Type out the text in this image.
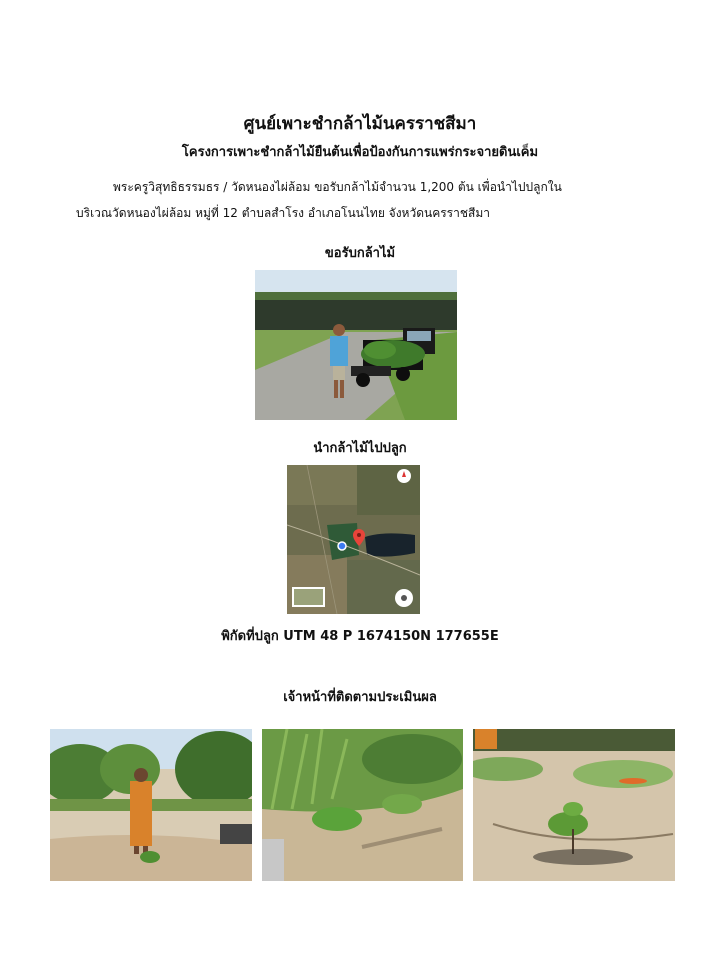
ศูนย์เพาะชำกล้าไม้นครราชสีมา
โครงการเพาะชำกล้าไม้ยืนต้นเพื่อป้องกันการแพร่กระจายดินเค็ม
พระครูวิสุทธิธรรมธร / วัดหนองไผ่ล้อม ขอรับกล้าไม้จำนวน 1,200 ต้น เพื่อนำไปปลูกใน
บริเวณวัดหนองไผ่ล้อม หมู่ที่ 12 ตำบลสำโรง อำเภอโนนไทย จังหวัดนครราชสีมา
ขอรับกล้าไม้
นำกล้าไม้ไปปลูก
พิกัดที่ปลูก UTM 48 P 1674150N 177655E
เจ้าหน้าที่ติดตามประเมินผล
